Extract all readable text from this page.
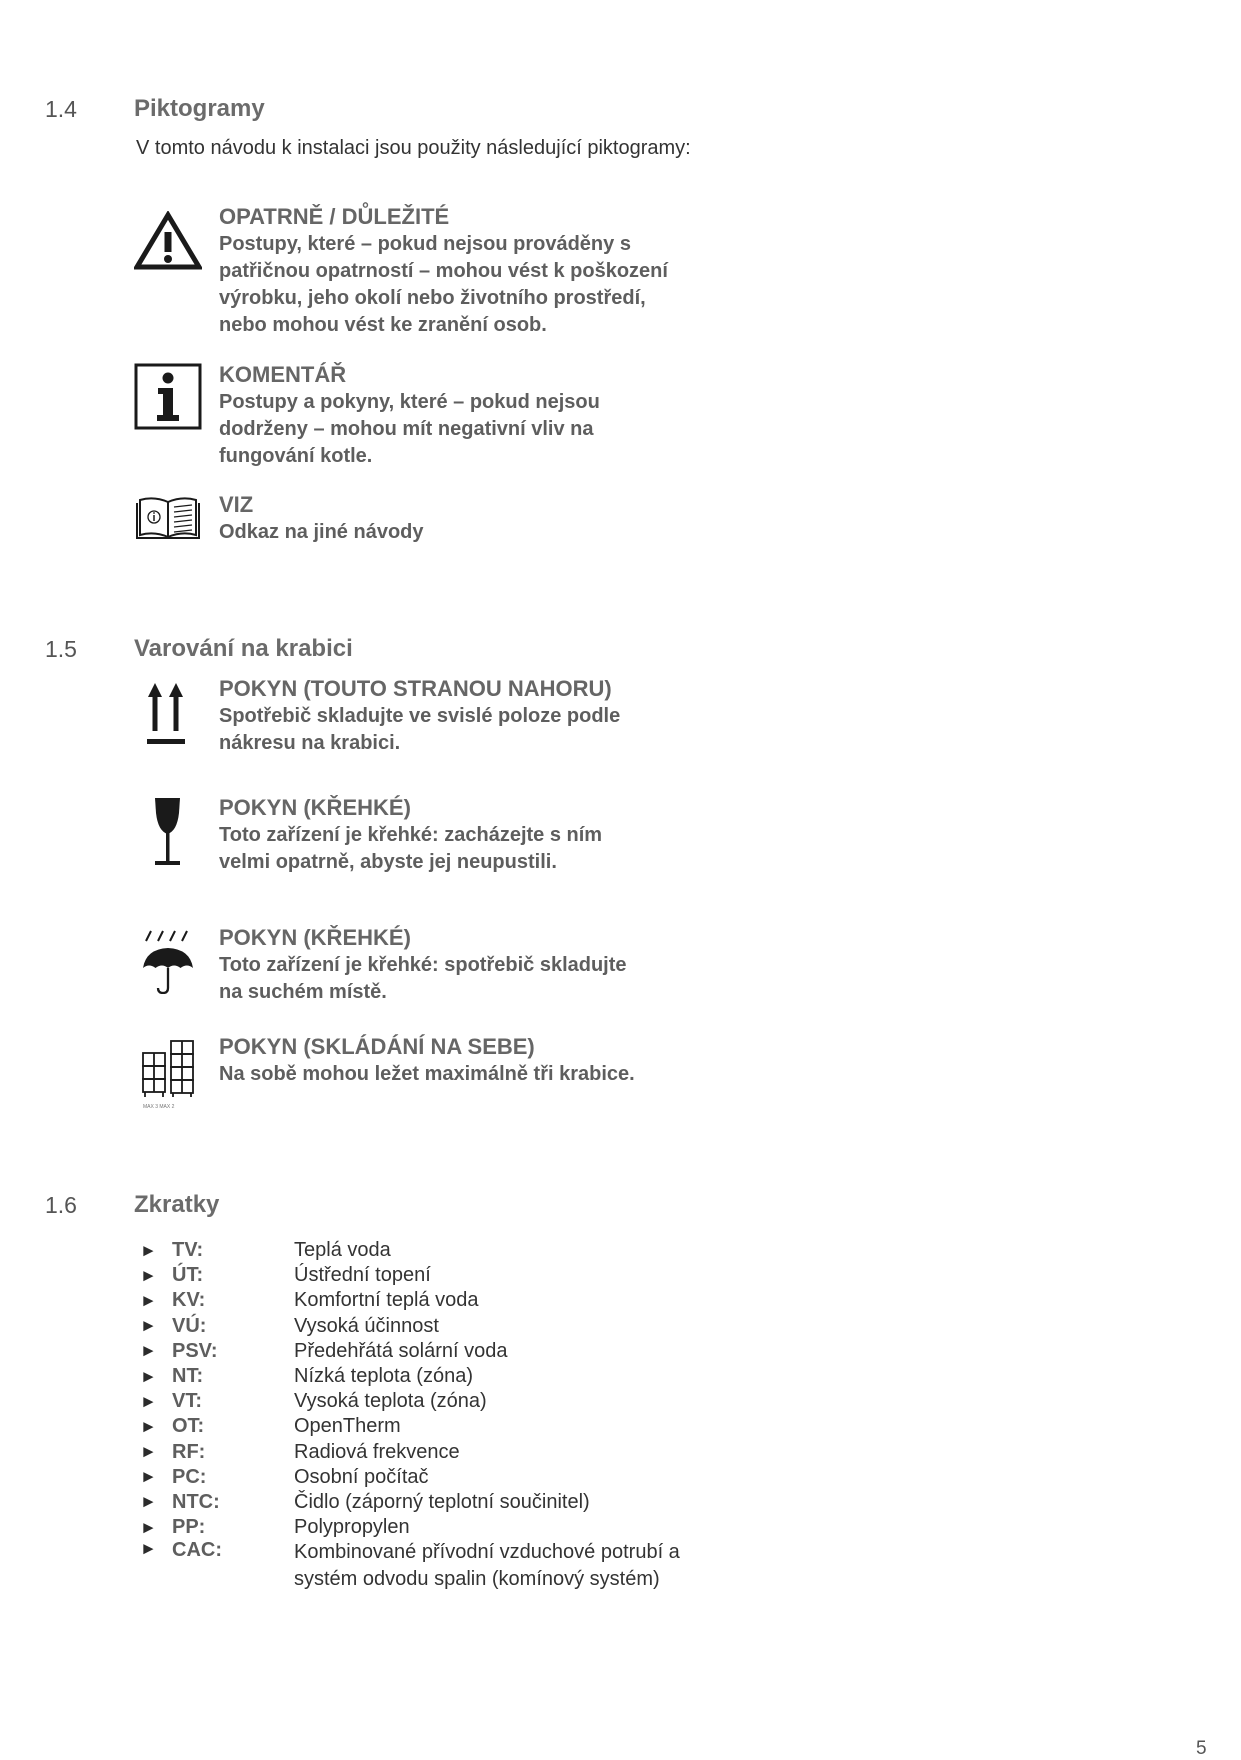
1.4 Piktogramy
V tomto návodu k instalaci jsou použity následující piktogramy:
OPATRNĚ / DŮLEŽITÉ
Postupy, které – pokud nejsou prováděny s
patřičnou opatrností – mohou vést k poškození
výrobku, jeho okolí nebo životního prostředí,
nebo mohou vést ke zranění osob.
KOMENTÁŘ
Postupy a pokyny, které – pokud nejsou
dodrženy – mohou mít negativní vliv na
fungování kotle.
VIZ
Odkaz na jiné návody
1.5 Varování na krabici
POKYN (TOUTO STRANOU NAHORU)
Spotřebič skladujte ve svislé poloze podle
nákresu na krabici.
POKYN (KŘEHKÉ)
Toto zařízení je křehké: zacházejte s ním
velmi opatrně, abyste jej neupustili.
POKYN (KŘEHKÉ)
Toto zařízení je křehké: spotřebič skladujte
na suchém místě.
MAX 3 MAX 2
POKYN (SKLÁDÁNÍ NA SEBE)
Na sobě mohou ležet maximálně tři krabice.
1.6 Zkratky
► TV:	Teplá voda
► ÚT:	Ústřední topení
► KV:	Komfortní teplá voda
► VÚ:	Vysoká účinnost
► PSV:	Předehřátá solární voda
► NT:	Nízká teplota (zóna)
► VT:	Vysoká teplota (zóna)
► OT:	OpenTherm
► RF:	Radiová frekvence
► PC:	Osobní počítač
► NTC:	Čidlo (záporný teplotní součinitel)
► PP:	Polypropylen
► CAC:	Kombinované přívodní vzduchové potrubí a
systém odvodu spalin (komínový systém)
5
